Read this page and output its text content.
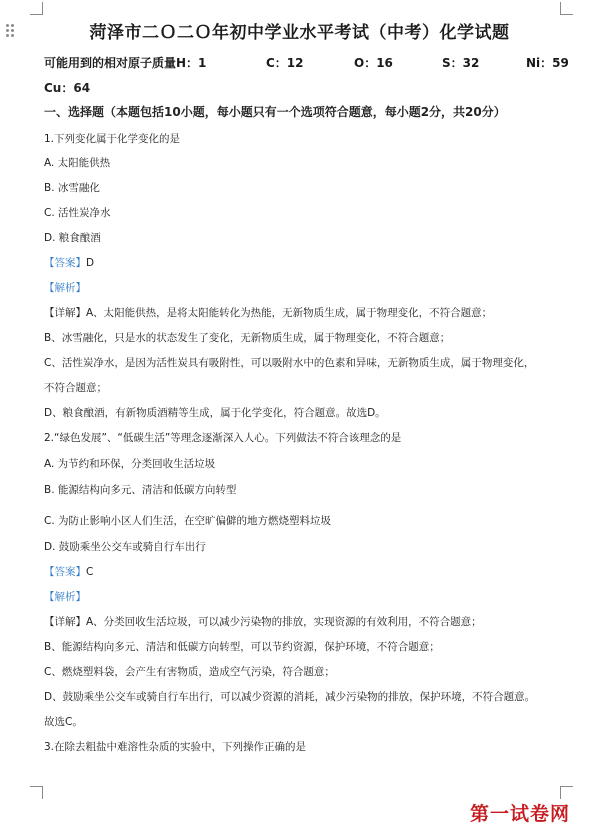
菏泽市二Ｏ二Ｏ年初中学业水平考试（中考）化学试题
可能用到的相对原子质量H：1	C：12	O：16	S：32	Ni：59
Cu：64
一、选择题（本题包括10小题，每小题只有一个选项符合题意，每小题2分，共20分）
1.下列变化属于化学变化的是
A. 太阳能供热
B. 冰雪融化
C. 活性炭净水
D. 粮食酿酒
【答案】D
【解析】
【详解】A、太阳能供热，是将太阳能转化为热能，无新物质生成，属于物理变化，不符合题意；
B、冰雪融化，只是水的状态发生了变化，无新物质生成，属于物理变化，不符合题意；
C、活性炭净水，是因为活性炭具有吸附性，可以吸附水中的色素和异味，无新物质生成，属于物理变化，
不符合题意；
D、粮食酿酒，有新物质酒精等生成，属于化学变化，符合题意。故选D。
2.“绿色发展”、“低碳生活”等理念逐渐深入人心。下列做法不符合该理念的是
A. 为节约和环保，分类回收生活垃圾
B. 能源结构向多元、清洁和低碳方向转型
C. 为防止影响小区人们生活，在空旷偏僻的地方燃烧塑料垃圾
D. 鼓励乘坐公交车或骑自行车出行
【答案】C
【解析】
【详解】A、分类回收生活垃圾，可以减少污染物的排放，实现资源的有效利用，不符合题意；
B、能源结构向多元、清洁和低碳方向转型，可以节约资源，保护环境，不符合题意；
C、燃烧塑料袋，会产生有害物质，造成空气污染，符合题意；
D、鼓励乘坐公交车或骑自行车出行，可以减少资源的消耗，减少污染物的排放，保护环境，不符合题意。
故选C。
3.在除去粗盐中难溶性杂质的实验中，下列操作正确的是
第一试卷网
